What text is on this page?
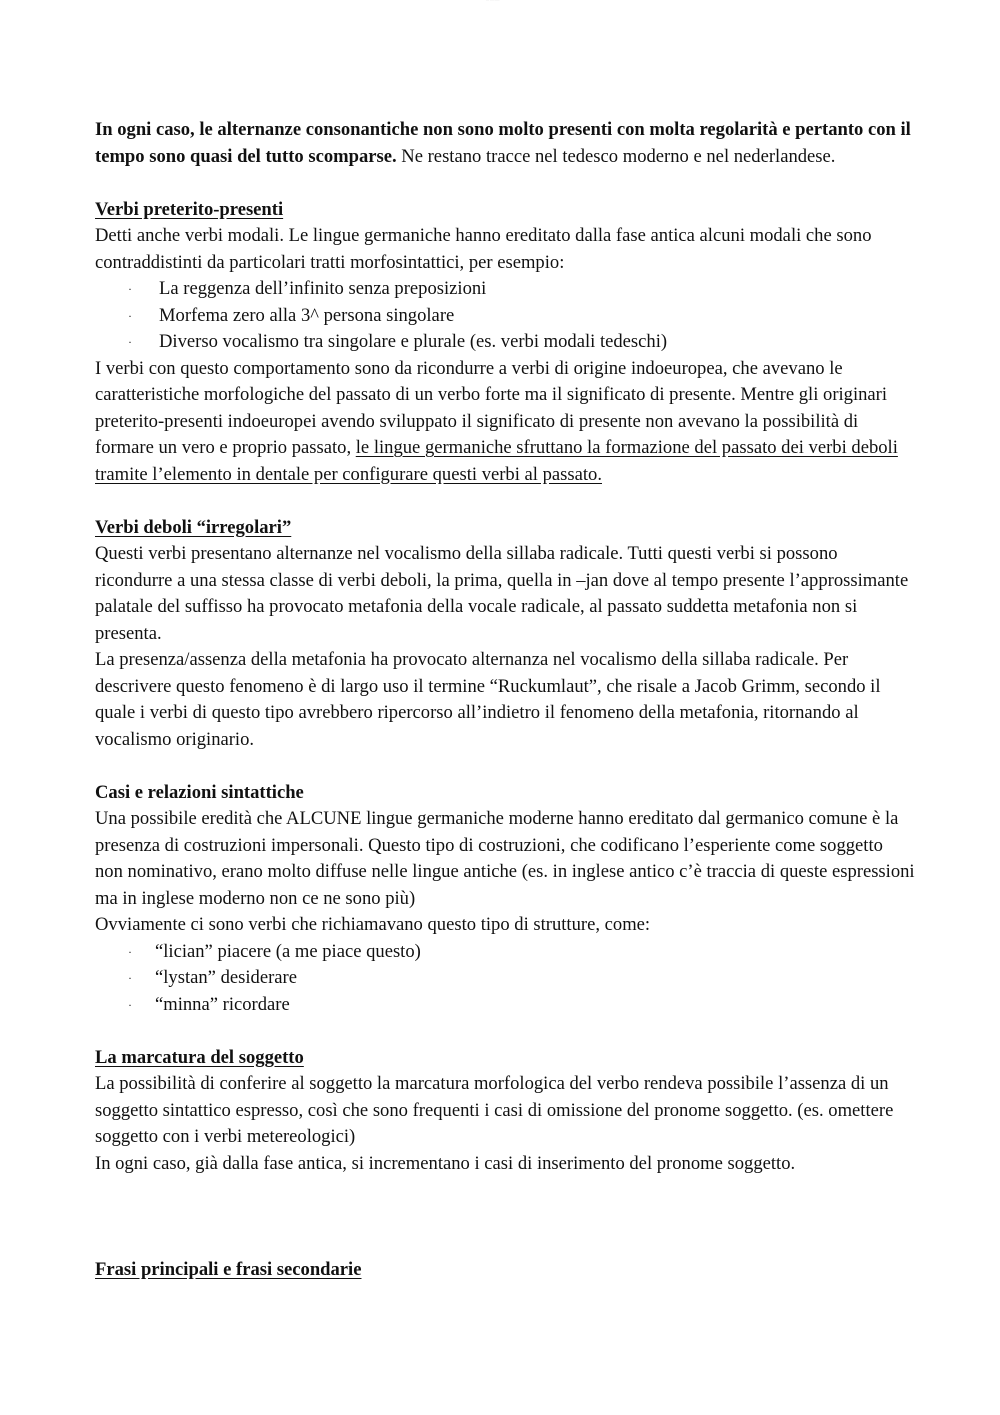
··· ···· ·····

In ogni caso, le alternanze consonantiche non sono molto presenti con molta regolarità e pertanto con il tempo sono quasi del tutto scomparse. Ne restano tracce nel tedesco moderno e nel nederlandese.

Verbi preterito-presenti

Detti anche verbi modali. Le lingue germaniche hanno ereditato dalla fase antica alcuni modali che sono contraddistinti da particolari tratti morfosintattici, per esempio:

· La reggenza dell’infinito senza preposizioni
· Morfema zero alla 3^ persona singolare
· Diverso vocalismo tra singolare e plurale (es. verbi modali tedeschi)

I verbi con questo comportamento sono da ricondurre a verbi di origine indoeuropea, che avevano le caratteristiche morfologiche del passato di un verbo forte ma il significato di presente. Mentre gli originari preterito-presenti indoeuropei avendo sviluppato il significato di presente non avevano la possibilità di formare un vero e proprio passato, le lingue germaniche sfruttano la formazione del passato dei verbi deboli tramite l’elemento in dentale per configurare questi verbi al passato.

Verbi deboli “irregolari”

Questi verbi presentano alternanze nel vocalismo della sillaba radicale. Tutti questi verbi si possono ricondurre a una stessa classe di verbi deboli, la prima, quella in –jan dove al tempo presente l’approssimante palatale del suffisso ha provocato metafonia della vocale radicale, al passato suddetta metafonia non si presenta.

La presenza/assenza della metafonia ha provocato alternanza nel vocalismo della sillaba radicale. Per descrivere questo fenomeno è di largo uso il termine “Ruckumlaut”, che risale a Jacob Grimm, secondo il quale i verbi di questo tipo avrebbero ripercorso all’indietro il fenomeno della metafonia, ritornando al vocalismo originario.

Casi e relazioni sintattiche

Una possibile eredità che ALCUNE lingue germaniche moderne hanno ereditato dal germanico comune è la presenza di costruzioni impersonali. Questo tipo di costruzioni, che codificano l’esperiente come soggetto non nominativo, erano molto diffuse nelle lingue antiche (es. in inglese antico c’è traccia di queste espressioni ma in inglese moderno non ce ne sono più)

Ovviamente ci sono verbi che richiamavano questo tipo di strutture, come:

· “lician” piacere (a me piace questo)
· “lystan” desiderare
· “minna” ricordare

La marcatura del soggetto

La possibilità di conferire al soggetto la marcatura morfologica del verbo rendeva possibile l’assenza di un soggetto sintattico espresso, così che sono frequenti i casi di omissione del pronome soggetto. (es. omettere soggetto con i verbi metereologici)

In ogni caso, già dalla fase antica, si incrementano i casi di inserimento del pronome soggetto.

Frasi principali e frasi secondarie
